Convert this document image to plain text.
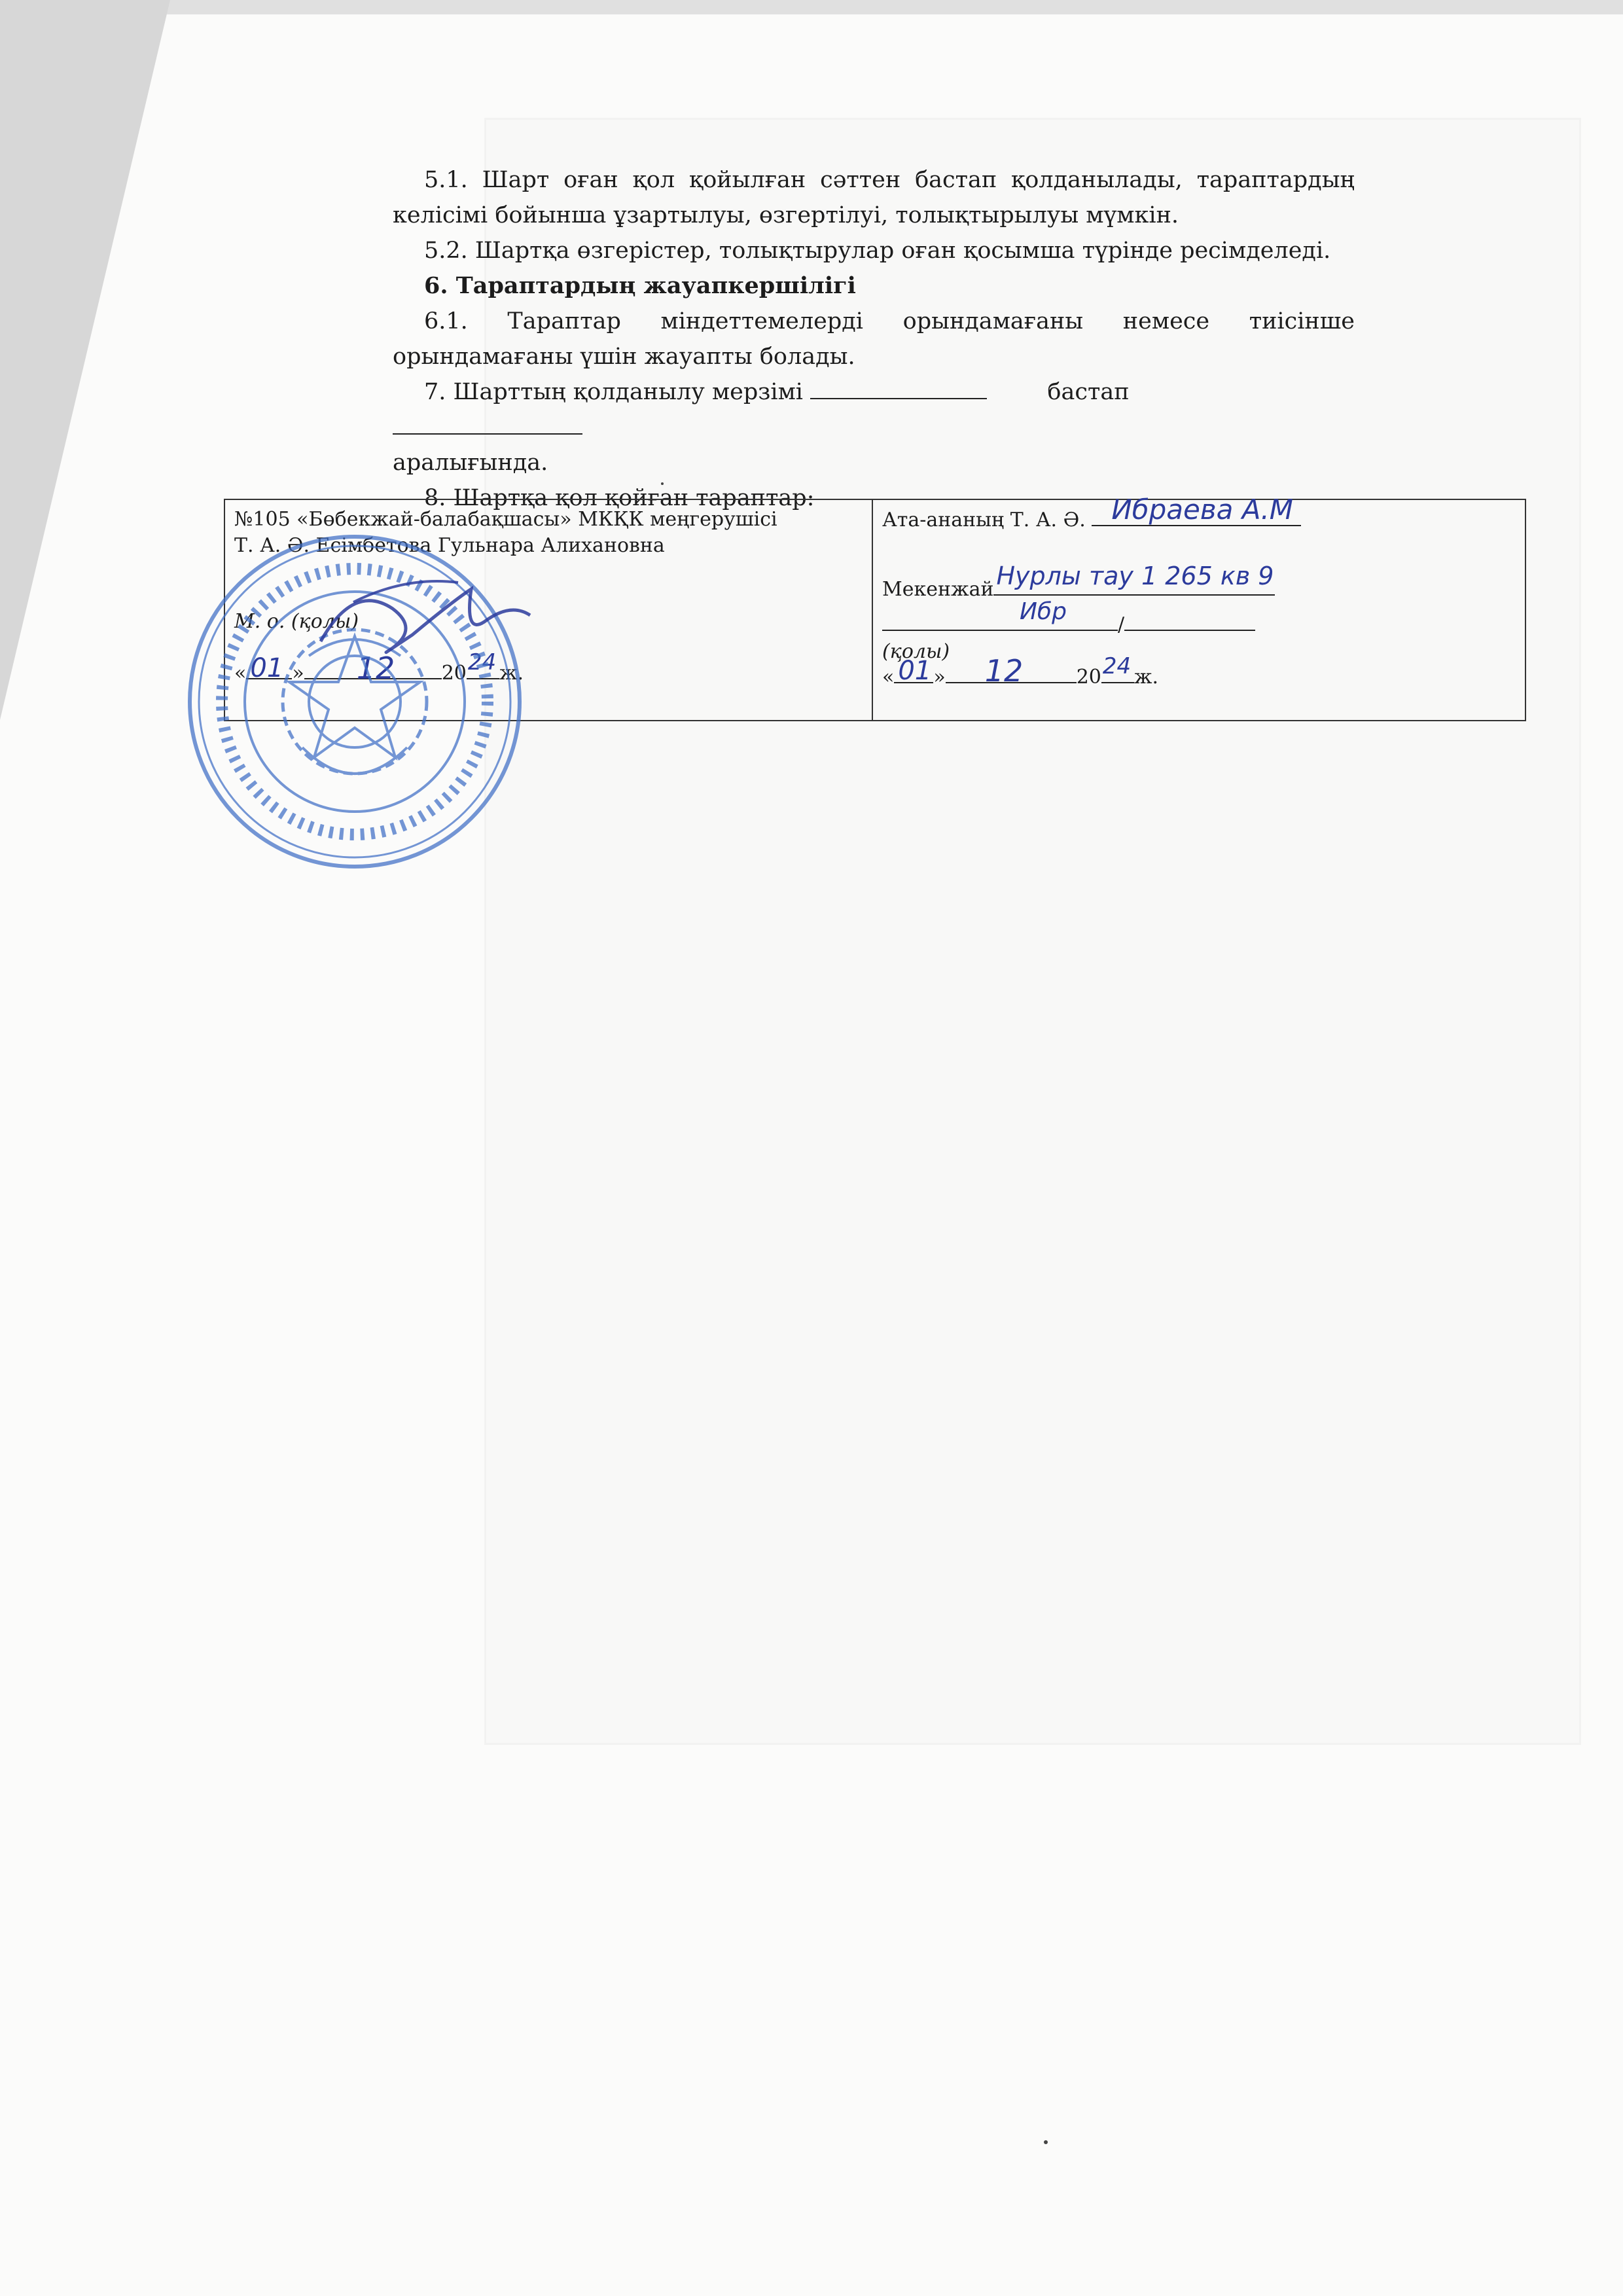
5.1. Шарт оған қол қойылған сәттен бастап қолданылады, тараптардың келісімі бойынша ұзартылуы, өзгертілуі, толықтырылуы мүмкін.

5.2. Шартқа өзгерістер, толықтырулар оған қосымша түрінде ресімделеді.

6. Тараптардың жауапкершілігі

6.1. Тараптар міндеттемелерді орындамағаны немесе тиісінше орындамағаны үшін жауапты болады.

7. Шарттың қолданылу мерзімі	бастап

аралығында.

8. Шартқа қол қойған тараптар:

№105 «Бөбекжай-балабақшасы» МКҚК меңгерушісі
Т. А. Ә. Есімбетова Гульнара Алихановна
М. о. (қолы)
« 01 » 12 20 24 ж.
Ата-ананың Т. А. Ә. Ибраева А.М
Мекенжай Нурлы тау 1 265 кв 9
Ибр	/
(қолы)
« 01 » 12	20 24 ж.
